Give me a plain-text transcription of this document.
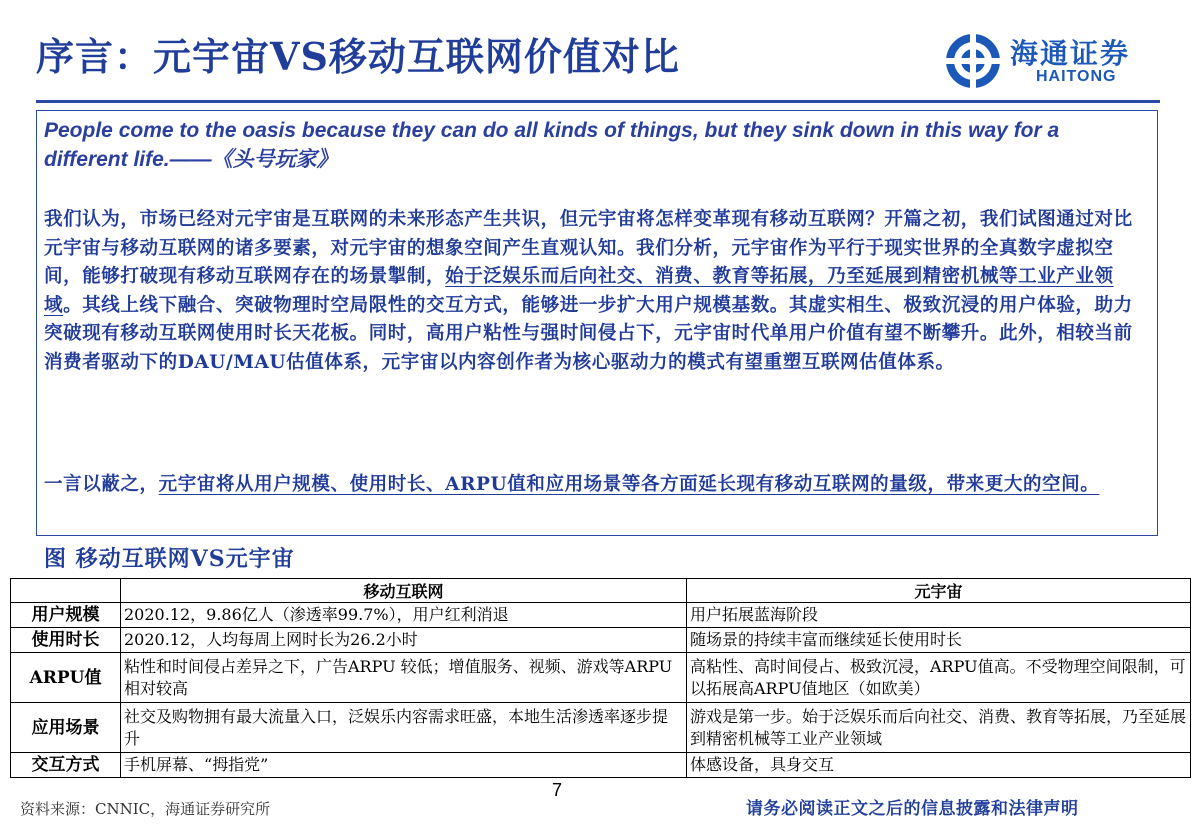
序言：元宇宙VS移动互联网价值对比	海通证券
HAITONG
People come to the oasis because they can do all kinds of things, but they sink down in this way for a different life.——《头号玩家》
我们认为，市场已经对元宇宙是互联网的未来形态产生共识，但元宇宙将怎样变革现有移动互联网？开篇之初，我们试图通过对比元宇宙与移动互联网的诸多要素，对元宇宙的想象空间产生直观认知。我们分析，元宇宙作为平行于现实世界的全真数字虚拟空间，能够打破现有移动互联网存在的场景掣制，始于泛娱乐而后向社交、消费、教育等拓展，乃至延展到精密机械等工业产业领域。其线上线下融合、突破物理时空局限性的交互方式，能够进一步扩大用户规模基数。其虚实相生、极致沉浸的用户体验，助力突破现有移动互联网使用时长天花板。同时，高用户粘性与强时间侵占下，元宇宙时代单用户价值有望不断攀升。此外，相较当前消费者驱动下的DAU/MAU估值体系，元宇宙以内容创作者为核心驱动力的模式有望重塑互联网估值体系。
一言以蔽之，元宇宙将从用户规模、使用时长、ARPU值和应用场景等各方面延长现有移动互联网的量级，带来更大的空间。
图 移动互联网VS元宇宙
	移动互联网	元宇宙
用户规模	2020.12，9.86亿人（渗透率99.7%），用户红利消退	用户拓展蓝海阶段
使用时长	2020.12，人均每周上网时长为26.2小时	随场景的持续丰富而继续延长使用时长
ARPU值	粘性和时间侵占差异之下，广告ARPU 较低；增值服务、视频、游戏等ARPU相对较高	高粘性、高时间侵占、极致沉浸，ARPU值高。不受物理空间限制，可以拓展高ARPU值地区（如欧美）
应用场景	社交及购物拥有最大流量入口，泛娱乐内容需求旺盛，本地生活渗透率逐步提升	游戏是第一步。始于泛娱乐而后向社交、消费、教育等拓展，乃至延展到精密机械等工业产业领域
交互方式	手机屏幕、“拇指党”	体感设备，具身交互
7
资料来源：CNNIC，海通证券研究所	请务必阅读正文之后的信息披露和法律声明
